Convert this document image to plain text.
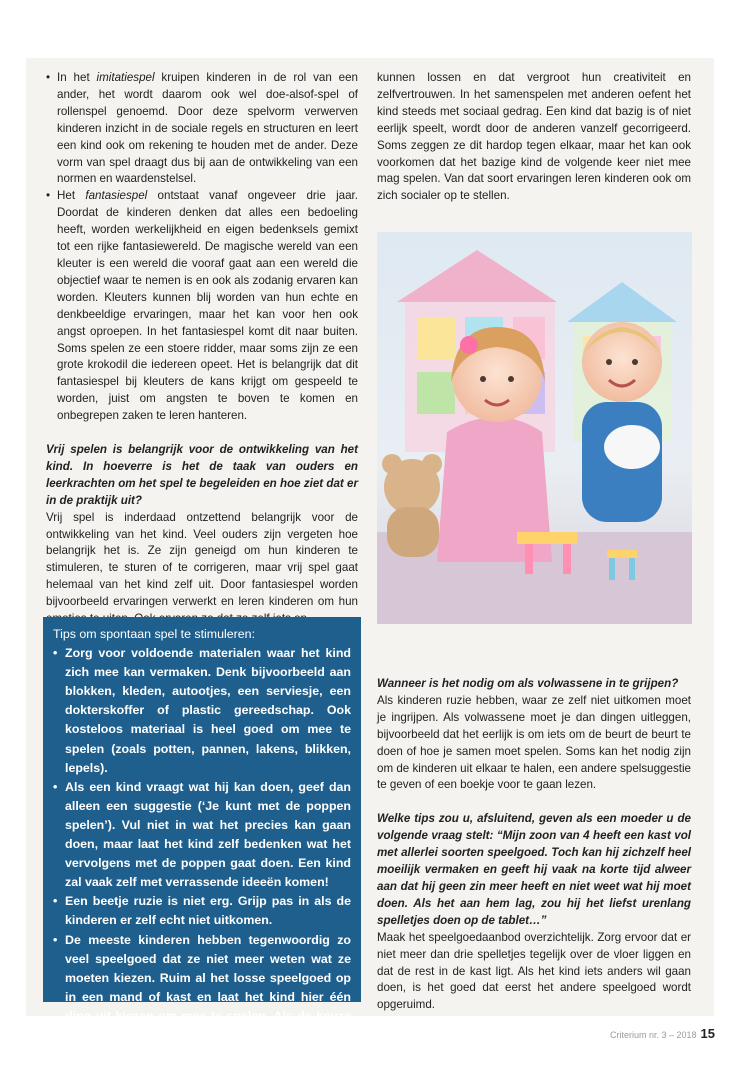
• In het imitatiespel kruipen kinderen in de rol van een ander, het wordt daarom ook wel doe-alsof-spel of rollenspel genoemd. Door deze spelvorm verwerven kinderen inzicht in de sociale regels en structuren en leert een kind ook om rekening te houden met de ander. Deze vorm van spel draagt dus bij aan de ontwikkeling van een normen en waardenstelsel.
• Het fantasiespel ontstaat vanaf ongeveer drie jaar. Doordat de kinderen denken dat alles een bedoeling heeft, worden werkelijkheid en eigen bedenksels gemixt tot een rijke fantasiewereld. De magische wereld van een kleuter is een wereld die vooraf gaat aan een wereld die objectief waar te nemen is en ook als zodanig ervaren kan worden. Kleuters kunnen blij worden van hun echte en denkbeeldige ervaringen, maar het kan voor hen ook angst oproepen. In het fantasiespel komt dit naar buiten. Soms spelen ze een stoere ridder, maar soms zijn ze een grote krokodil die iedereen opeet. Het is belangrijk dat dit fantasiespel bij kleuters de kans krijgt om gespeeld te worden, juist om angsten te boven te komen en onbegrepen zaken te leren hanteren.

Vrij spelen is belangrijk voor de ontwikkeling van het kind. In hoeverre is het de taak van ouders en leerkrachten om het spel te begeleiden en hoe ziet dat er in de praktijk uit?

Vrij spel is inderdaad ontzettend belangrijk voor de ontwikkeling van het kind. Veel ouders zijn vergeten hoe belangrijk het is. Ze zijn geneigd om hun kinderen te stimuleren, te sturen of te corrigeren, maar vrij spel gaat helemaal van het kind zelf uit. Door fantasiespel worden bijvoorbeeld ervaringen verwerkt en leren kinderen om hun

kunnen lossen en dat vergroot hun creativiteit en zelfvertrouwen. In het samenspelen met anderen oefent het kind steeds met sociaal gedrag. Een kind dat bazig is of niet eerlijk speelt, wordt door de anderen vanzelf gecorrigeerd. Soms zeggen ze dit hardop tegen elkaar, maar het kan ook voorkomen dat het bazige kind de volgende keer niet mee mag spelen. Van dat soort ervaringen leren kinderen ook om zich socialer op te stellen.

Tips om spontaan spel te stimuleren:
• Zorg voor voldoende materialen waar het kind zich mee kan vermaken. Denk bijvoorbeeld aan blokken, kleden, autootjes, een serviesje, een dokterskoffer of plastic gereedschap. Ook kosteloos materiaal is heel goed om mee te spelen (zoals potten, pannen, lakens, blikken, lepels).
• Als een kind vraagt wat hij kan doen, geef dan alleen een suggestie (‘Je kunt met de poppen spelen’). Vul niet in wat het precies kan gaan doen, maar laat het kind zelf bedenken wat het vervolgens met de poppen gaat doen. Een kind zal vaak zelf met verrassende ideeën komen!
• Een beetje ruzie is niet erg. Grijp pas in als de kinderen er zelf echt niet uitkomen.
• De meeste kinderen hebben tegenwoordig zo veel speelgoed dat ze niet meer weten wat ze moeten kiezen. Ruim al het losse speelgoed op in een mand of kast en laat het kind hier één ding uit kiezen om mee te spelen. Als de keuze wat beperkter is, zullen kinderen creatiever worden in het bedenken van een spel.

Wanneer is het nodig om als volwassene in te grijpen?

Als kinderen ruzie hebben, waar ze zelf niet uitkomen moet je ingrijpen. Als volwassene moet je dan dingen uitleggen, bijvoorbeeld dat het eerlijk is om iets om de beurt de beurt te doen of hoe je samen moet spelen. Soms kan het nodig zijn om de kinderen uit elkaar te halen, een andere spelsuggestie te geven of een boekje voor te gaan lezen.

Welke tips zou u, afsluitend, geven als een moeder u de volgende vraag stelt: “Mijn zoon van 4 heeft een kast vol met allerlei soorten speelgoed. Toch kan hij zichzelf heel moeilijk vermaken en geeft hij vaak na korte tijd alweer aan dat hij geen zin meer heeft en niet weet wat hij moet doen. Als het aan hem lag, zou hij het liefst urenlang spelletjes doen op de tablet…”

Maak het speelgoedaanbod overzichtelijk. Zorg ervoor dat er niet meer dan drie spelletjes tegelijk over de vloer liggen en dat de rest in de kast ligt. Als het kind iets anders wil gaan doen, is het goed dat eerst het andere speelgoed wordt opgeruimd.

Criterium nr. 3 – 2018 15
